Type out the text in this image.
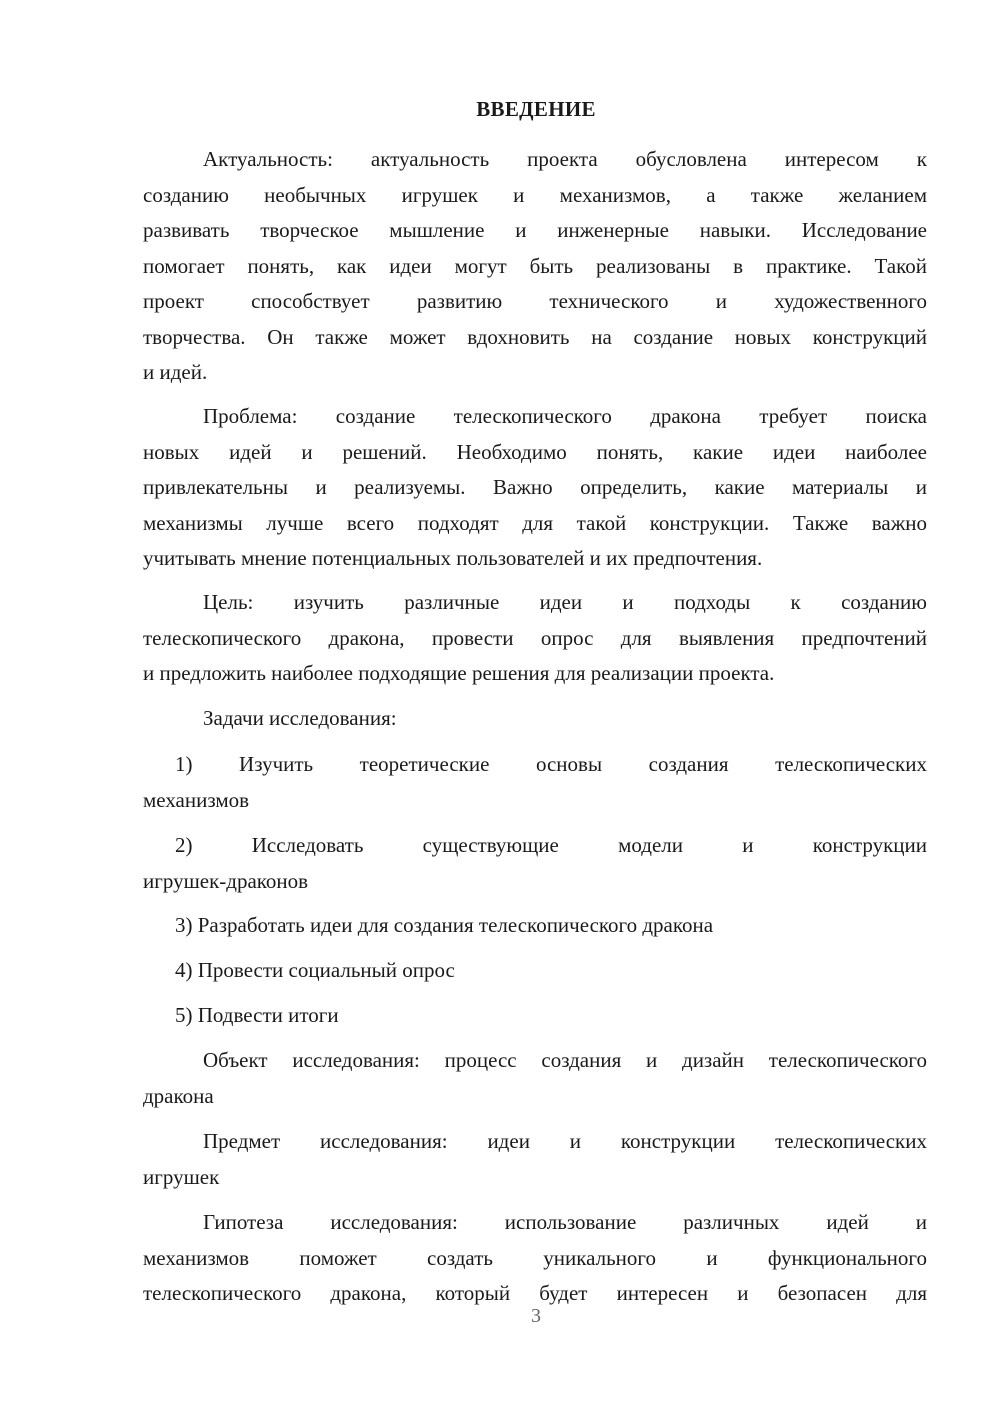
ВВЕДЕНИЕ
Актуальность: актуальность проекта обусловлена интересом к
созданию необычных игрушек и механизмов, а также желанием
развивать творческое мышление и инженерные навыки. Исследование
помогает понять, как идеи могут быть реализованы в практике. Такой
проект способствует развитию технического и художественного
творчества. Он также может вдохновить на создание новых конструкций
и идей.
Проблема: создание телескопического дракона требует поиска
новых идей и решений. Необходимо понять, какие идеи наиболее
привлекательны и реализуемы. Важно определить, какие материалы и
механизмы лучше всего подходят для такой конструкции. Также важно
учитывать мнение потенциальных пользователей и их предпочтения.
Цель: изучить различные идеи и подходы к созданию
телескопического дракона, провести опрос для выявления предпочтений
и предложить наиболее подходящие решения для реализации проекта.
Задачи исследования:
1) Изучить теоретические основы создания телескопических
механизмов
2) Исследовать существующие модели и конструкции
игрушек-драконов
3) Разработать идеи для создания телескопического дракона
4) Провести социальный опрос
5) Подвести итоги
Объект исследования: процесс создания и дизайн телескопического
дракона
Предмет исследования: идеи и конструкции телескопических
игрушек
Гипотеза исследования: использование различных идей и
механизмов поможет создать уникального и функционального
телескопического дракона, который будет интересен и безопасен для
3
